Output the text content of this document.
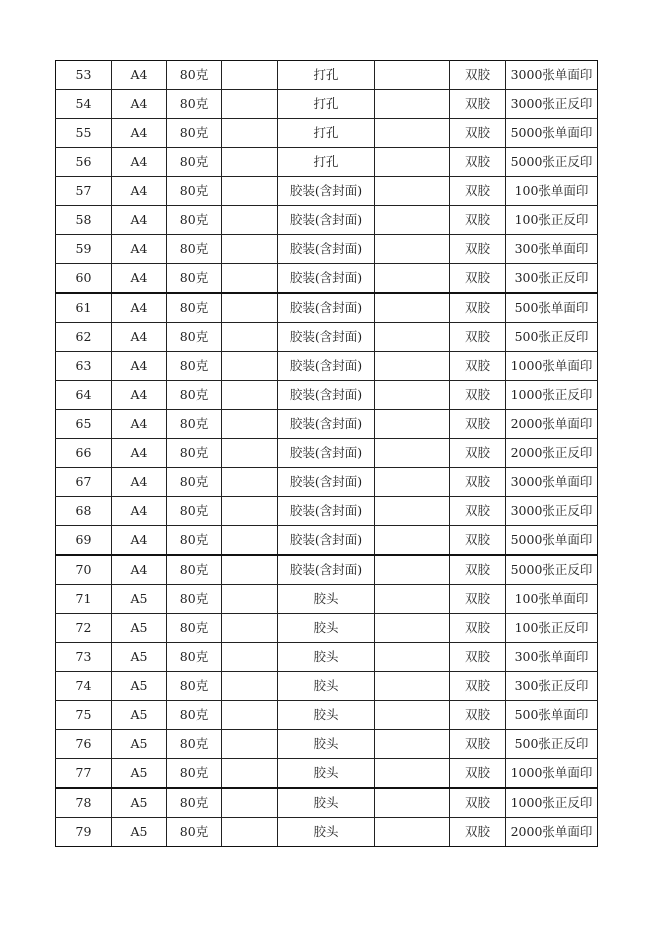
53	A4	80克		打孔		双胶	3000张单面印
54	A4	80克		打孔		双胶	3000张正反印
55	A4	80克		打孔		双胶	5000张单面印
56	A4	80克		打孔		双胶	5000张正反印
57	A4	80克		胶装(含封面)		双胶	100张单面印
58	A4	80克		胶装(含封面)		双胶	100张正反印
59	A4	80克		胶装(含封面)		双胶	300张单面印
60	A4	80克		胶装(含封面)		双胶	300张正反印
61	A4	80克		胶装(含封面)		双胶	500张单面印
62	A4	80克		胶装(含封面)		双胶	500张正反印
63	A4	80克		胶装(含封面)		双胶	1000张单面印
64	A4	80克		胶装(含封面)		双胶	1000张正反印
65	A4	80克		胶装(含封面)		双胶	2000张单面印
66	A4	80克		胶装(含封面)		双胶	2000张正反印
67	A4	80克		胶装(含封面)		双胶	3000张单面印
68	A4	80克		胶装(含封面)		双胶	3000张正反印
69	A4	80克		胶装(含封面)		双胶	5000张单面印
70	A4	80克		胶装(含封面)		双胶	5000张正反印
71	A5	80克		胶头		双胶	100张单面印
72	A5	80克		胶头		双胶	100张正反印
73	A5	80克		胶头		双胶	300张单面印
74	A5	80克		胶头		双胶	300张正反印
75	A5	80克		胶头		双胶	500张单面印
76	A5	80克		胶头		双胶	500张正反印
77	A5	80克		胶头		双胶	1000张单面印
78	A5	80克		胶头		双胶	1000张正反印
79	A5	80克		胶头		双胶	2000张单面印
